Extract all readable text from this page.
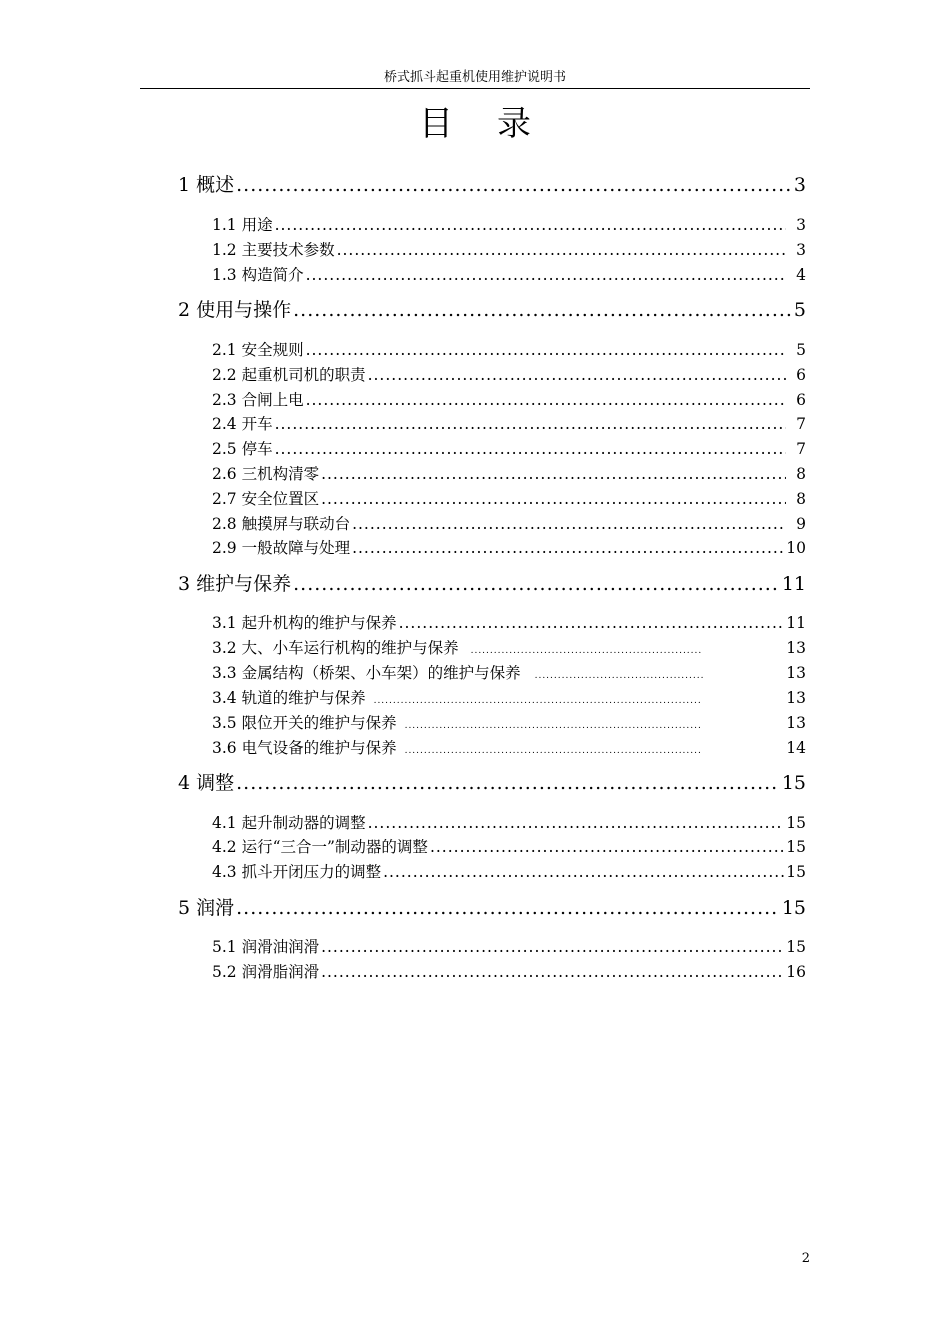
桥式抓斗起重机使用维护说明书
目录
1 概述 .....	3
1.1 用途 .....	3
1.2 主要技术参数 .....	3
1.3 构造简介 .....	4
2 使用与操作 .....	5
2.1 安全规则 .....	5
2.2 起重机司机的职责 .....	6
2.3 合闸上电 .....	6
2.4 开车 .....	7
2.5 停车 .....	7
2.6 三机构清零 .....	8
2.7 安全位置区 .....	8
2.8 触摸屏与联动台 .....	9
2.9 一般故障与处理 .....	10
3 维护与保养 .....	11
3.1 起升机构的维护与保养 .....	11
3.2 大、小车运行机构的维护与保养 .....	13
3.3 金属结构（桥架、小车架）的维护与保养 .....	13
3.4 轨道的维护与保养 .....	13
3.5 限位开关的维护与保养 .....	13
3.6 电气设备的维护与保养 .....	14
4 调整 .....	15
4.1 起升制动器的调整 .....	15
4.2 运行“三合一”制动器的调整 .....	15
4.3 抓斗开闭压力的调整 .....	15
5 润滑 .....	15
5.1 润滑油润滑 .....	15
5.2 润滑脂润滑 .....	16
2
